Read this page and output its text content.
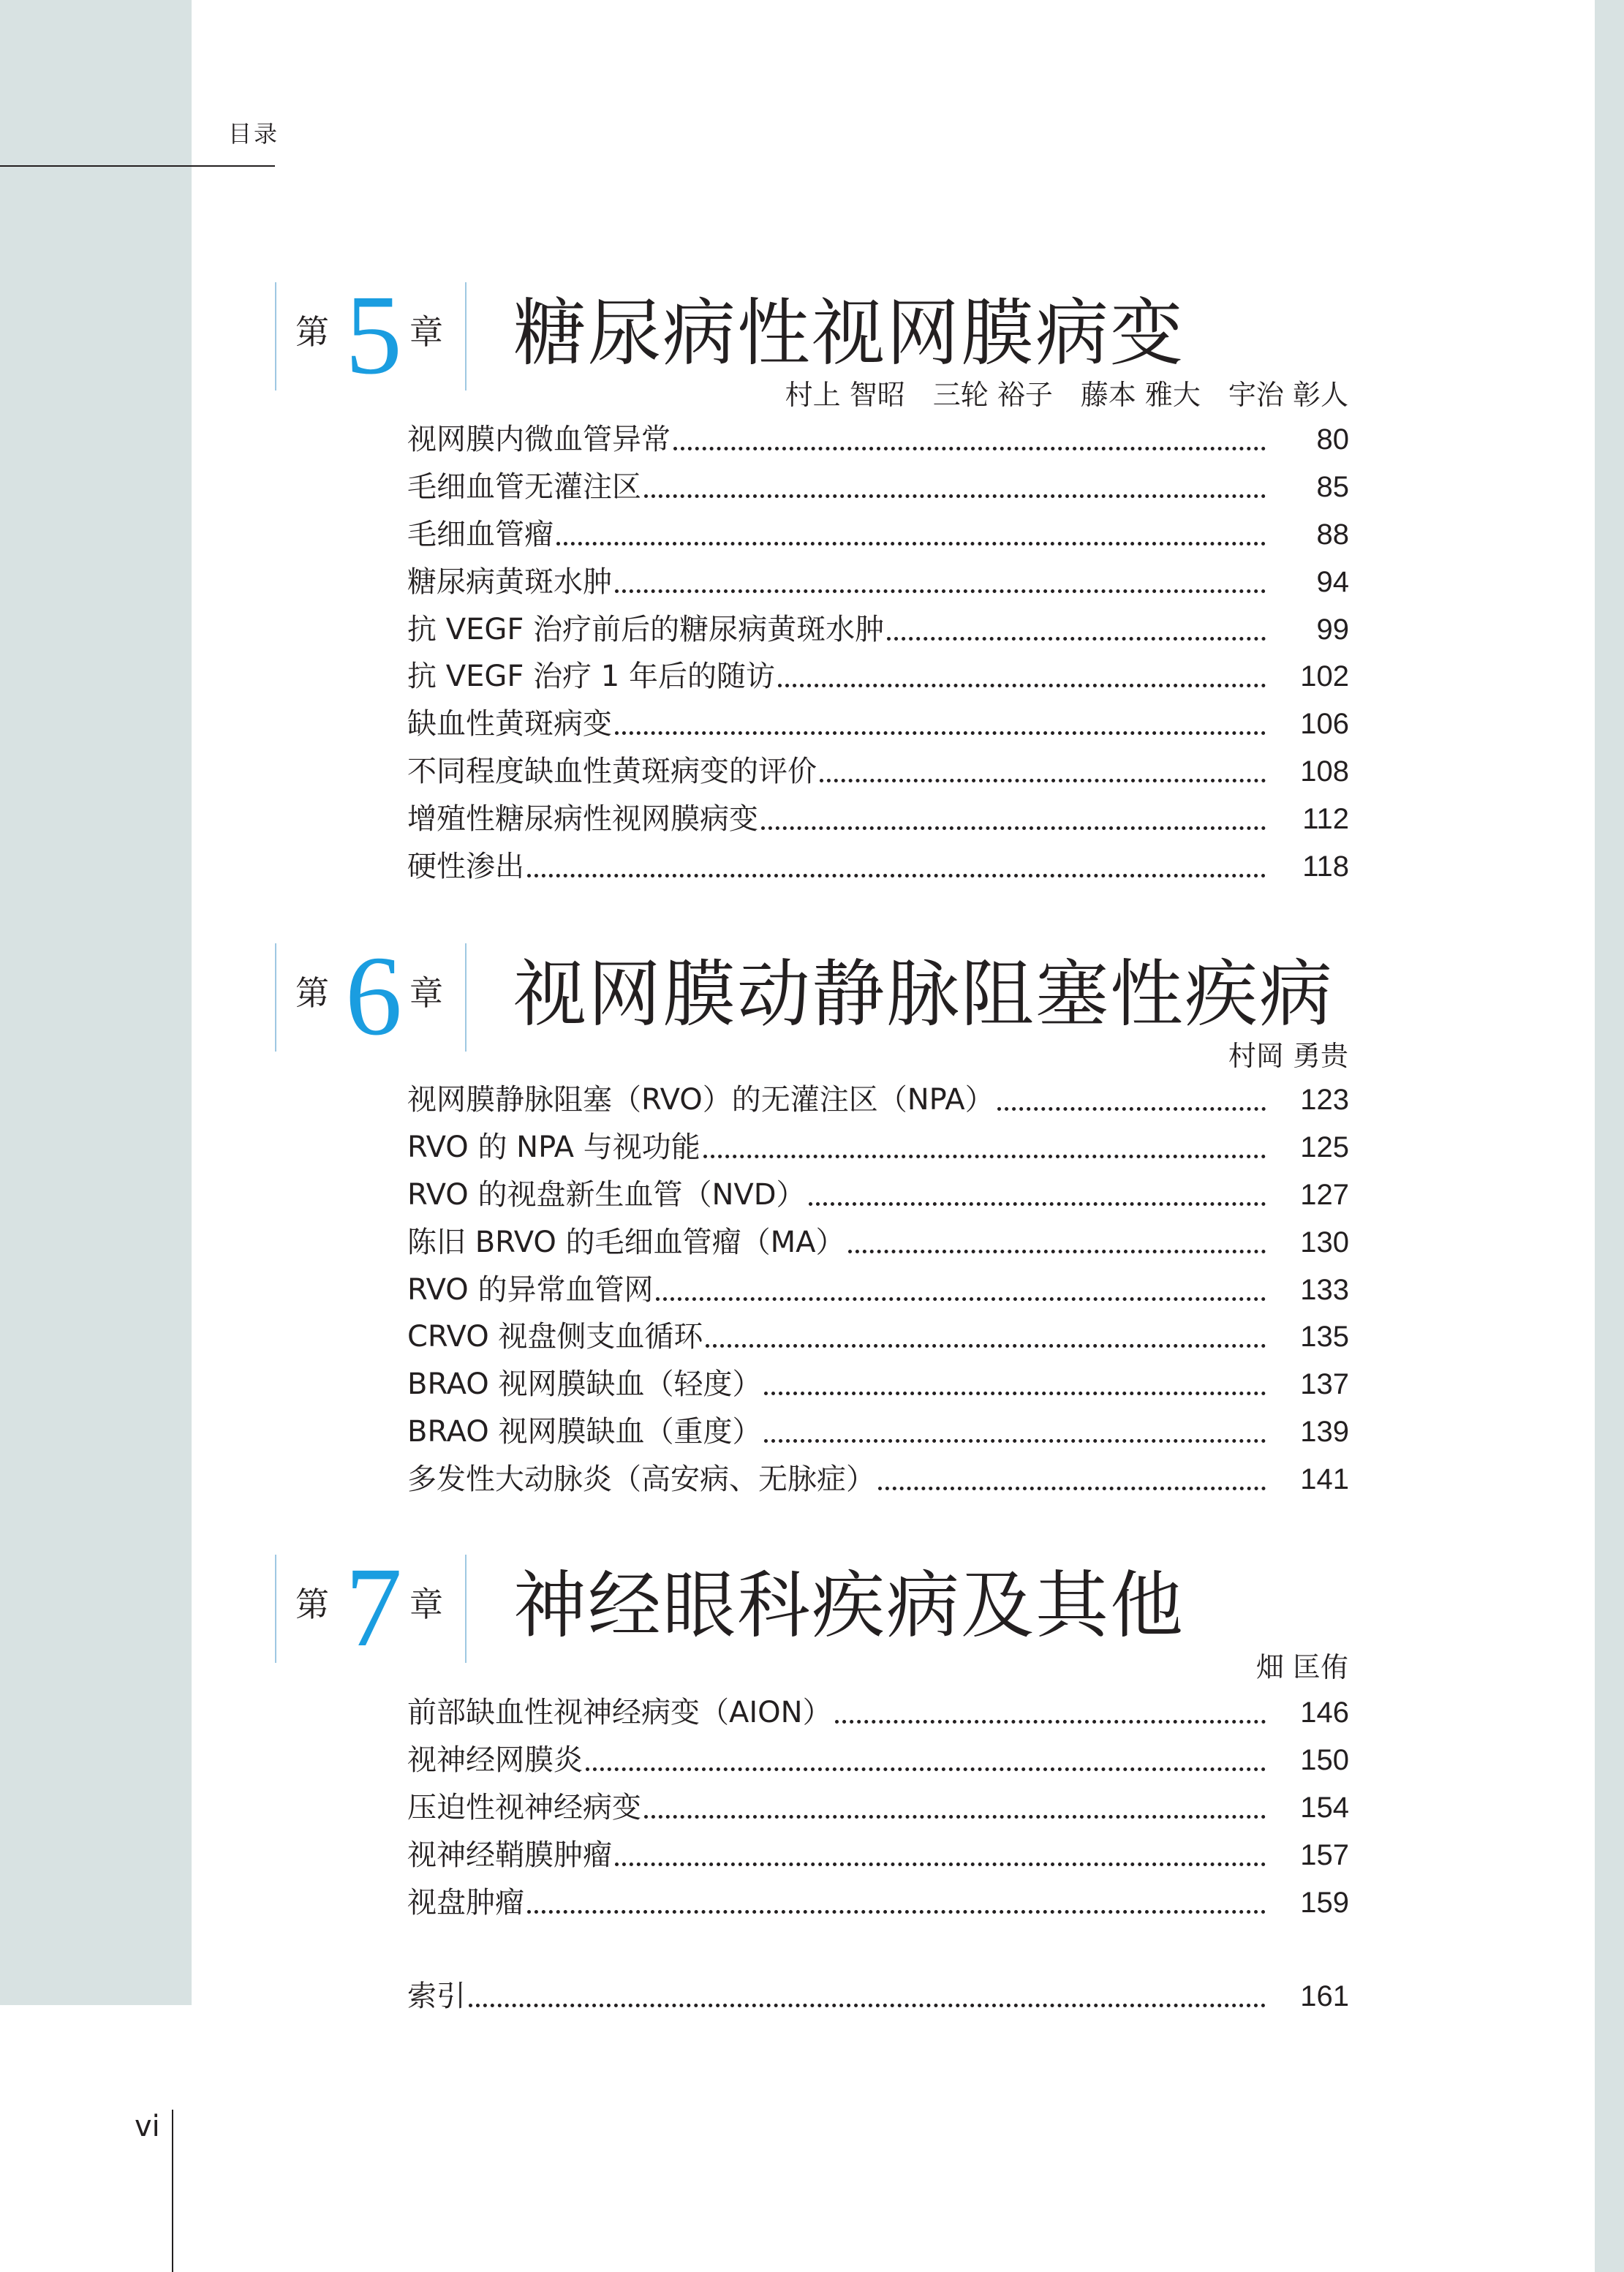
目录
第 5 章 糖尿病性视网膜病变
村上 智昭　三轮 裕子　藤本 雅大　宇治 彰人
视网膜内微血管异常	80
毛细血管无灌注区	85
毛细血管瘤	88
糖尿病黄斑水肿	94
抗 VEGF 治疗前后的糖尿病黄斑水肿	99
抗 VEGF 治疗 1 年后的随访	102
缺血性黄斑病变	106
不同程度缺血性黄斑病变的评价	108
增殖性糖尿病性视网膜病变	112
硬性渗出	118
第 6 章 视网膜动静脉阻塞性疾病
村岡 勇贵
视网膜静脉阻塞（RVO）的无灌注区（NPA）	123
RVO 的 NPA 与视功能	125
RVO 的视盘新生血管（NVD）	127
陈旧 BRVO 的毛细血管瘤（MA）	130
RVO 的异常血管网	133
CRVO 视盘侧支血循环	135
BRAO 视网膜缺血（轻度）	137
BRAO 视网膜缺血（重度）	139
多发性大动脉炎（高安病、无脉症）	141
第 7 章 神经眼科疾病及其他
畑 匡侑
前部缺血性视神经病变（AION）	146
视神经网膜炎	150
压迫性视神经病变	154
视神经鞘膜肿瘤	157
视盘肿瘤	159
索引	161
vi
